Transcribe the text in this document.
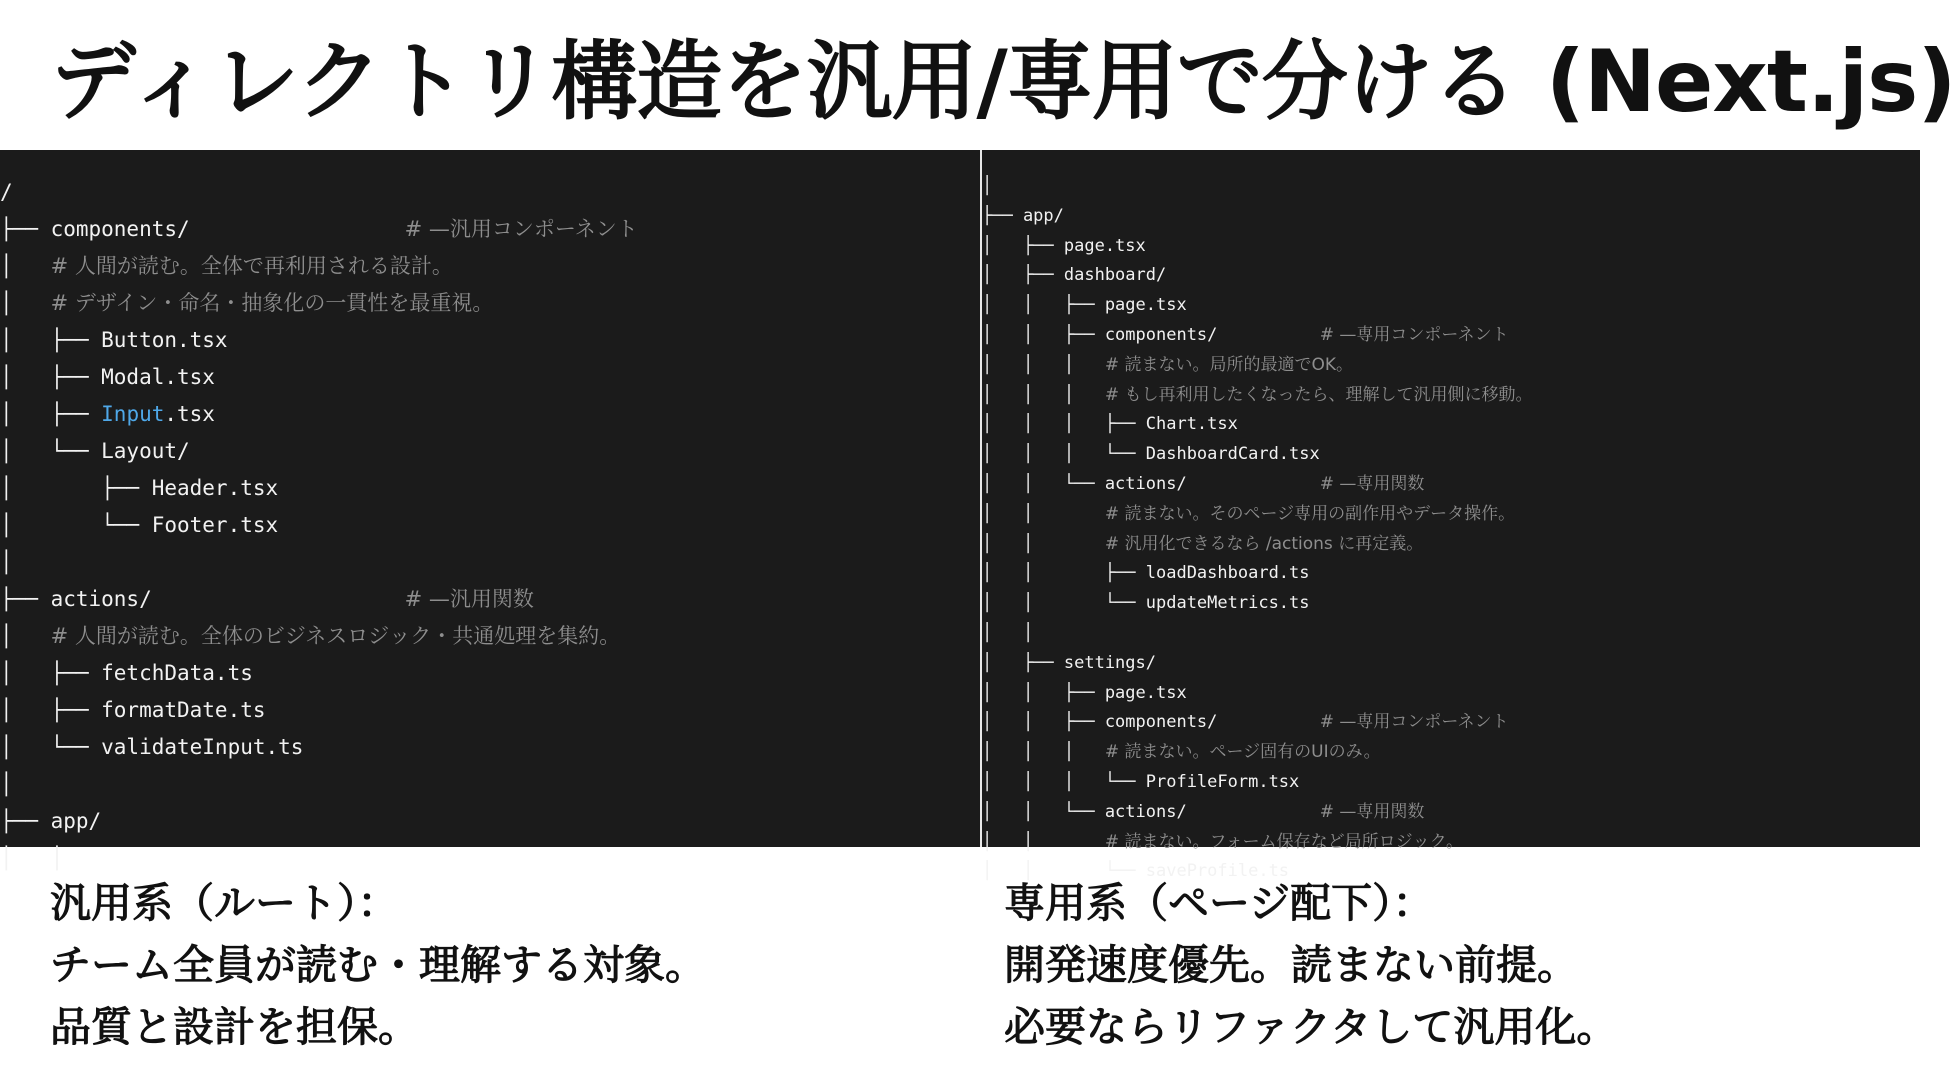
ディレクトリ構造を汎用/専用で分ける (Next.js)
/
├── components/                 # —汎用コンポーネント
│   # 人間が読む。全体で再利用される設計。
│   # デザイン・命名・抽象化の一貫性を最重視。
│   ├── Button.tsx
│   ├── Modal.tsx
│   ├── Input.tsx
│   └── Layout/
│       ├── Header.tsx
│       └── Footer.tsx
│
├── actions/                    # —汎用関数
│   # 人間が読む。全体のビジネスロジック・共通処理を集約。
│   ├── fetchData.ts
│   ├── formatDate.ts
│   └── validateInput.ts
│
├── app/
│   │
│
├── app/
│   ├── page.tsx
│   ├── dashboard/
│   │   ├── page.tsx
│   │   ├── components/          # —専用コンポーネント
│   │   │   # 読まない。局所的最適でOK。
│   │   │   # もし再利用したくなったら、理解して汎用側に移動。
│   │   │   ├── Chart.tsx
│   │   │   └── DashboardCard.tsx
│   │   └── actions/             # —専用関数
│   │       # 読まない。そのページ専用の副作用やデータ操作。
│   │       # 汎用化できるなら /actions に再定義。
│   │       ├── loadDashboard.ts
│   │       └── updateMetrics.ts
│   │
│   ├── settings/
│   │   ├── page.tsx
│   │   ├── components/          # —専用コンポーネント
│   │   │   # 読まない。ページ固有のUIのみ。
│   │   │   └── ProfileForm.tsx
│   │   └── actions/             # —専用関数
│   │       # 読まない。フォーム保存など局所ロジック。
│   │       └── saveProfile.ts
汎用系（ルート）：
チーム全員が読む・理解する対象。
品質と設計を担保。
専用系（ページ配下）：
開発速度優先。読まない前提。
必要ならリファクタして汎用化。
